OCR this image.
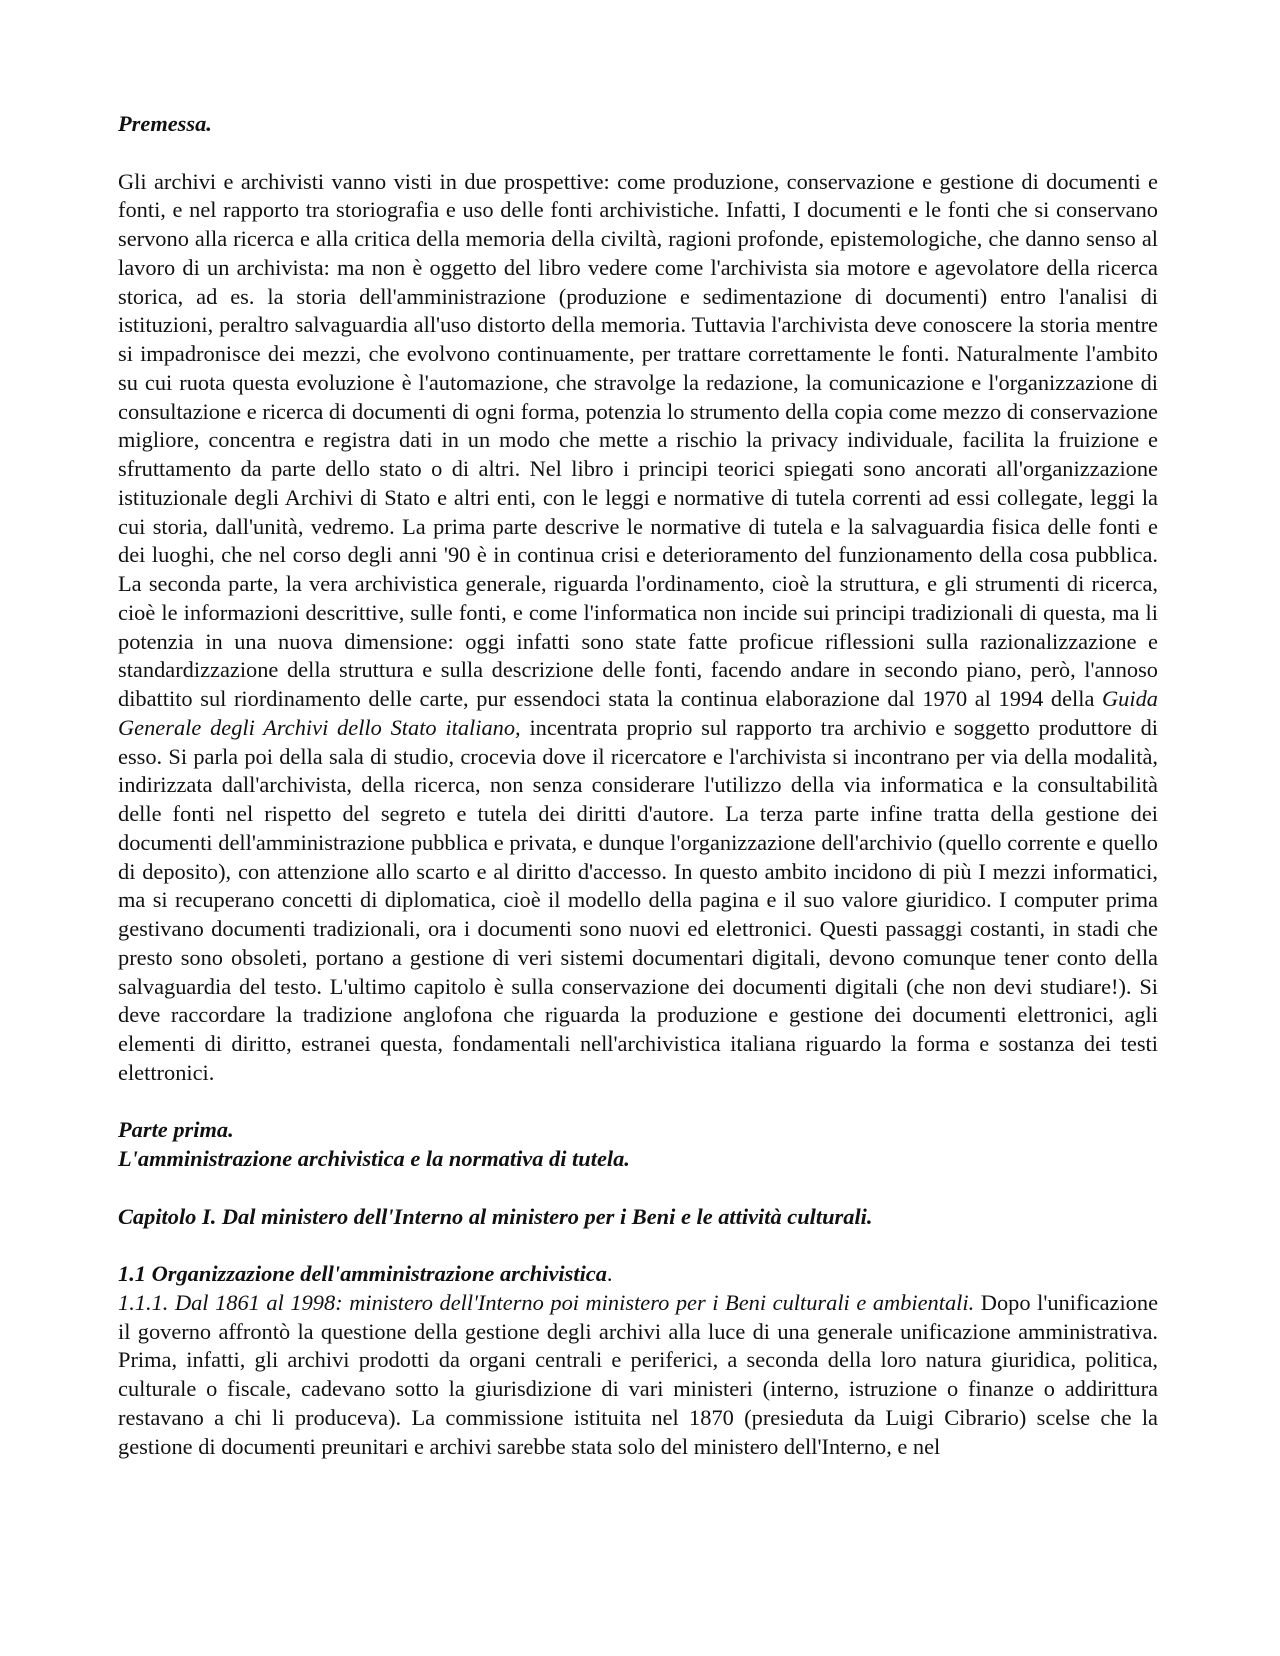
Premessa.

Gli archivi e archivisti vanno visti in due prospettive: come produzione, conservazione e gestione di documenti e fonti, e nel rapporto tra storiografia e uso delle fonti archivistiche. Infatti, I documenti e le fonti che si conservano servono alla ricerca e alla critica della memoria della civiltà, ragioni profonde, epistemologiche, che danno senso al lavoro di un archivista: ma non è oggetto del libro vedere come l'archivista sia motore e agevolatore della ricerca storica, ad es. la storia dell'amministrazione (produzione e sedimentazione di documenti) entro l'analisi di istituzioni, peraltro salvaguardia all'uso distorto della memoria. Tuttavia l'archivista deve conoscere la storia mentre si impadronisce dei mezzi, che evolvono continuamente, per trattare correttamente le fonti. Naturalmente l'ambito su cui ruota questa evoluzione è l'automazione, che stravolge la redazione, la comunicazione e l'organizzazione di consultazione e ricerca di documenti di ogni forma, potenzia lo strumento della copia come mezzo di conservazione migliore, concentra e registra dati in un modo che mette a rischio la privacy individuale, facilita la fruizione e sfruttamento da parte dello stato o di altri. Nel libro i principi teorici spiegati sono ancorati all'organizzazione istituzionale degli Archivi di Stato e altri enti, con le leggi e normative di tutela correnti ad essi collegate, leggi la cui storia, dall'unità, vedremo. La prima parte descrive le normative di tutela e la salvaguardia fisica delle fonti e dei luoghi, che nel corso degli anni '90 è in continua crisi e deterioramento del funzionamento della cosa pubblica. La seconda parte, la vera archivistica generale, riguarda l'ordinamento, cioè la struttura, e gli strumenti di ricerca, cioè le informazioni descrittive, sulle fonti, e come l'informatica non incide sui principi tradizionali di questa, ma li potenzia in una nuova dimensione: oggi infatti sono state fatte proficue riflessioni sulla razionalizzazione e standardizzazione della struttura e sulla descrizione delle fonti, facendo andare in secondo piano, però, l'annoso dibattito sul riordinamento delle carte, pur essendoci stata la continua elaborazione dal 1970 al 1994 della Guida Generale degli Archivi dello Stato italiano, incentrata proprio sul rapporto tra archivio e soggetto produttore di esso. Si parla poi della sala di studio, crocevia dove il ricercatore e l'archivista si incontrano per via della modalità, indirizzata dall'archivista, della ricerca, non senza considerare l'utilizzo della via informatica e la consultabilità delle fonti nel rispetto del segreto e tutela dei diritti d'autore. La terza parte infine tratta della gestione dei documenti dell'amministrazione pubblica e privata, e dunque l'organizzazione dell'archivio (quello corrente e quello di deposito), con attenzione allo scarto e al diritto d'accesso. In questo ambito incidono di più I mezzi informatici, ma si recuperano concetti di diplomatica, cioè il modello della pagina e il suo valore giuridico. I computer prima gestivano documenti tradizionali, ora i documenti sono nuovi ed elettronici. Questi passaggi costanti, in stadi che presto sono obsoleti, portano a gestione di veri sistemi documentari digitali, devono comunque tener conto della salvaguardia del testo. L'ultimo capitolo è sulla conservazione dei documenti digitali (che non devi studiare!). Si deve raccordare la tradizione anglofona che riguarda la produzione e gestione dei documenti elettronici, agli elementi di diritto, estranei questa, fondamentali nell'archivistica italiana riguardo la forma e sostanza dei testi elettronici.

Parte prima.

L'amministrazione archivistica e la normativa di tutela.

Capitolo I. Dal ministero dell'Interno al ministero per i Beni e le attività culturali.

1.1 Organizzazione dell'amministrazione archivistica.

1.1.1. Dal 1861 al 1998: ministero dell'Interno poi ministero per i Beni culturali e ambientali. Dopo l'unificazione il governo affrontò la questione della gestione degli archivi alla luce di una generale unificazione amministrativa. Prima, infatti, gli archivi prodotti da organi centrali e periferici, a seconda della loro natura giuridica, politica, culturale o fiscale, cadevano sotto la giurisdizione di vari ministeri (interno, istruzione o finanze o addirittura restavano a chi li produceva). La commissione istituita nel 1870 (presieduta da Luigi Cibrario) scelse che la gestione di documenti preunitari e archivi sarebbe stata solo del ministero dell'Interno, e nel
